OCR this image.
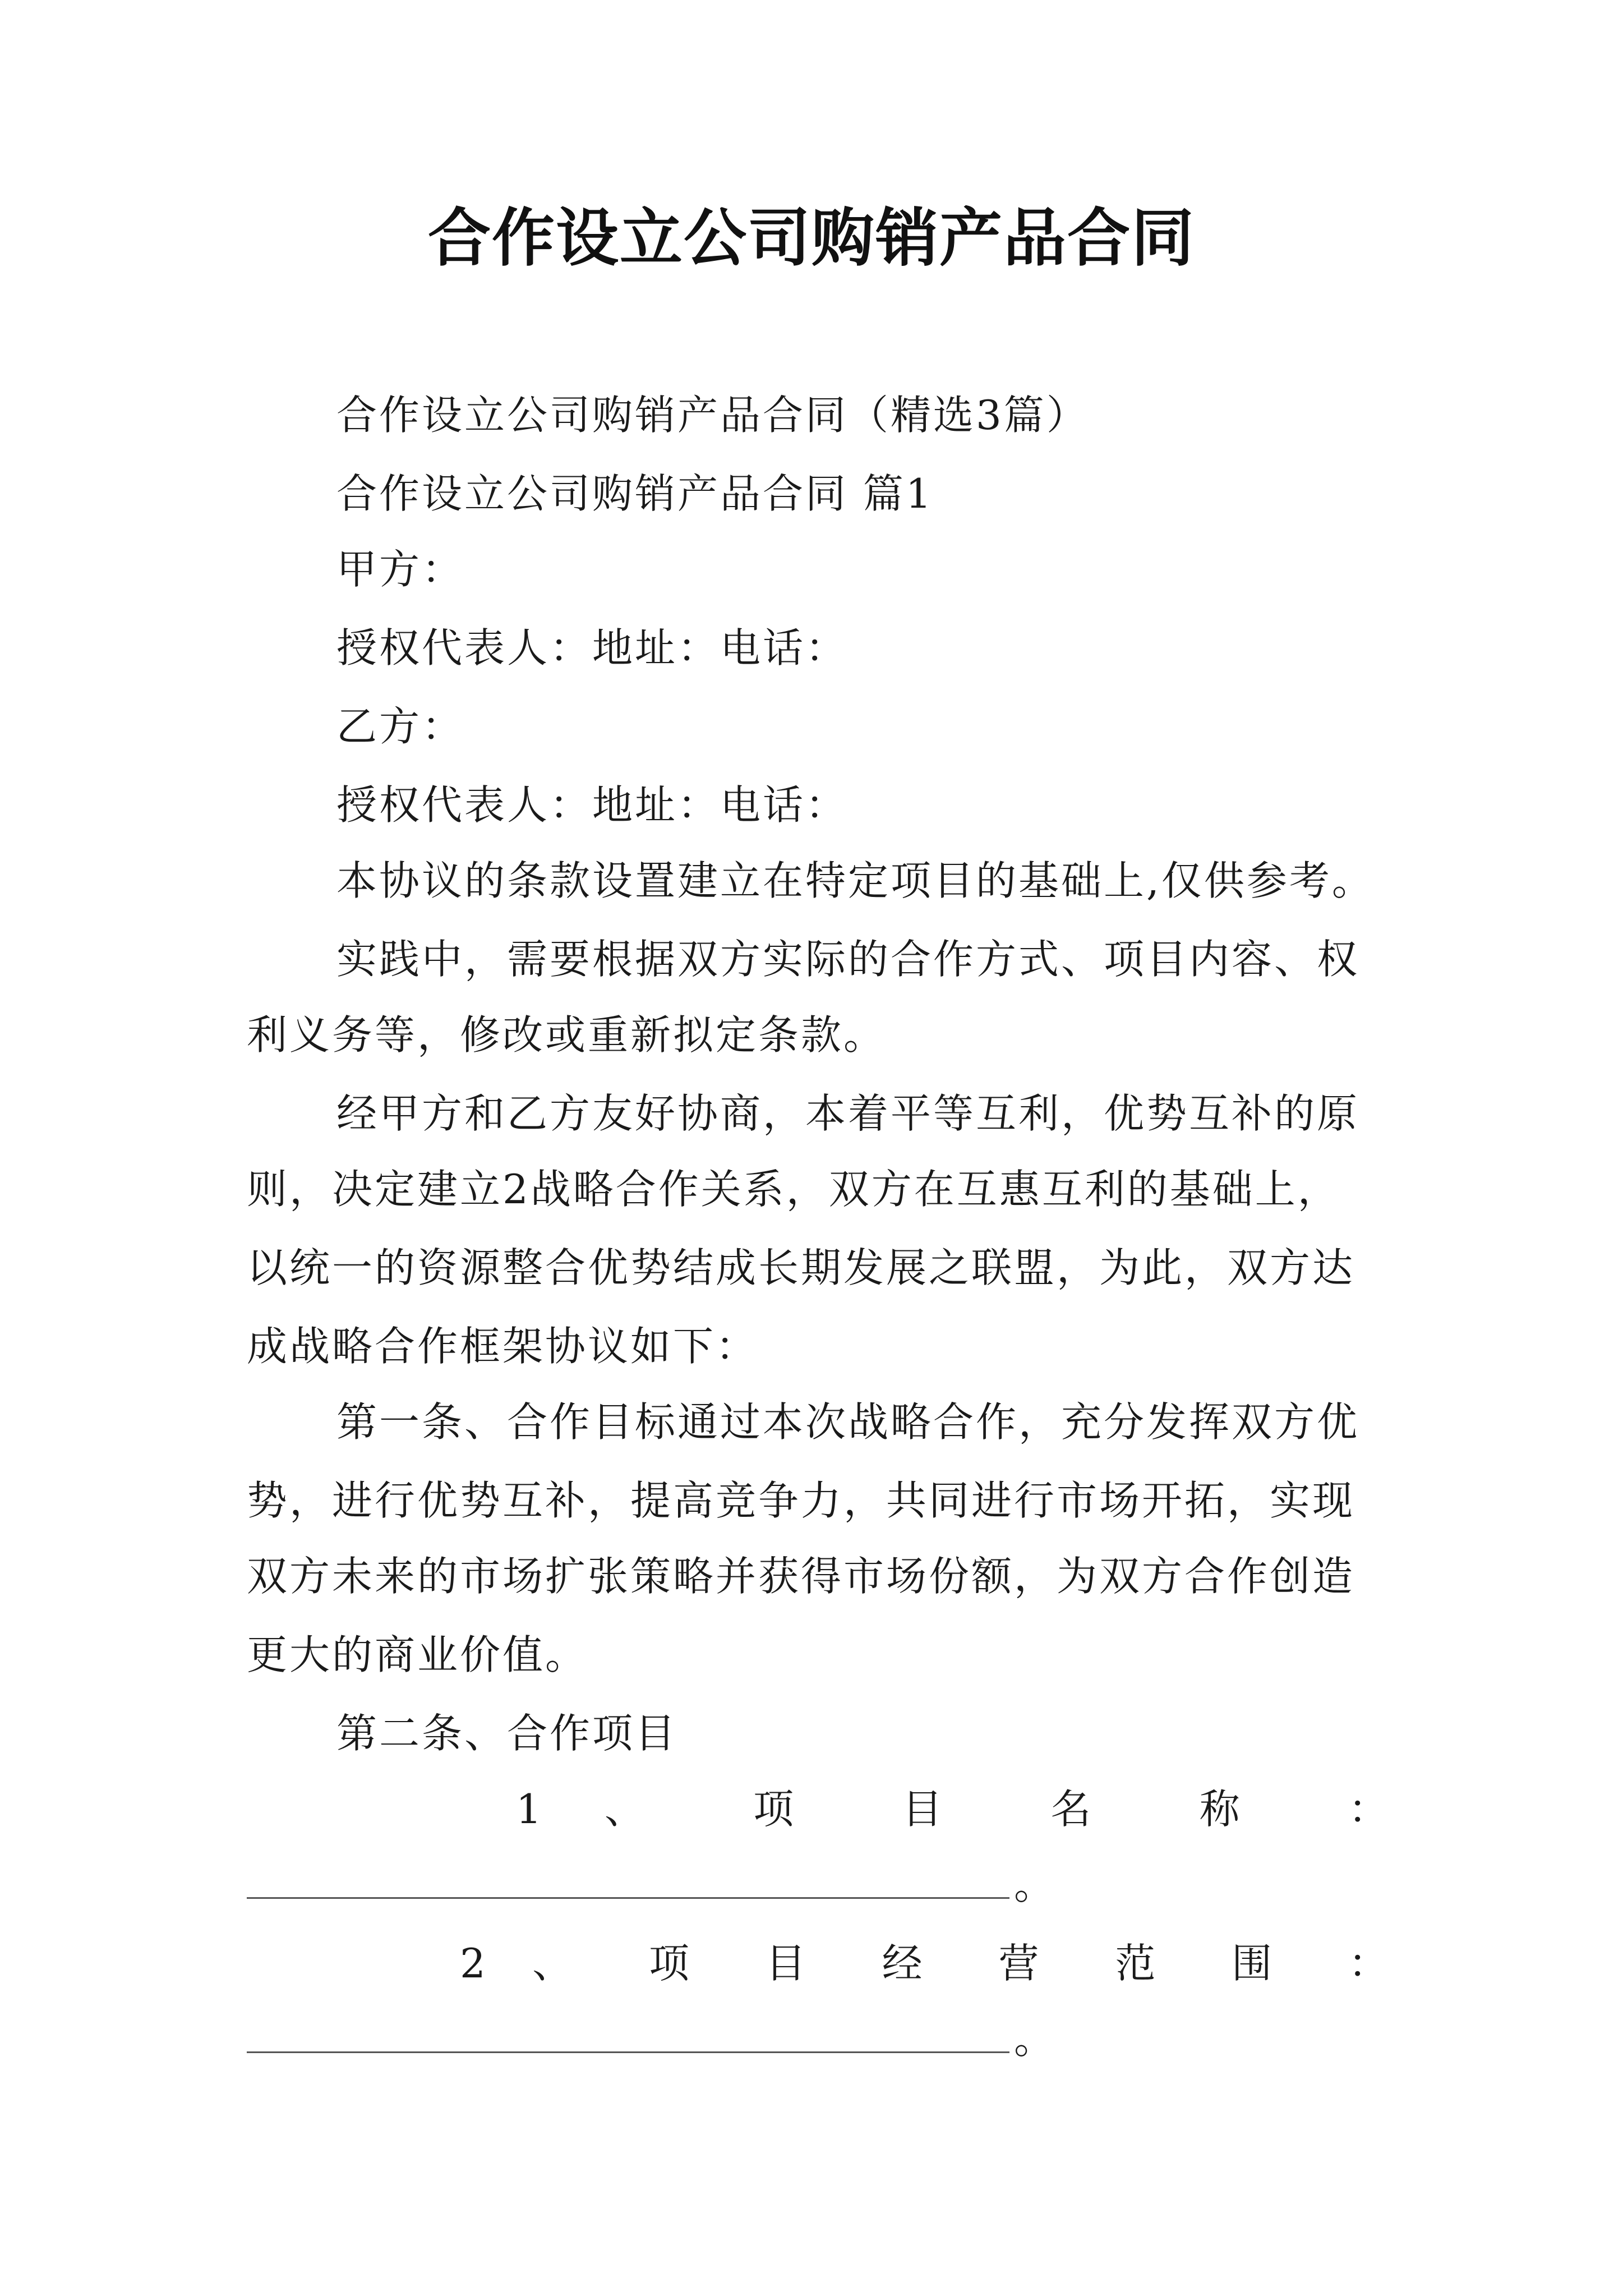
合作设立公司购销产品合同
合作设立公司购销产品合同（精选3篇）
合作设立公司购销产品合同 篇1
甲方：
授权代表人：地址：电话：
乙方：
授权代表人：地址：电话：
本协议的条款设置建立在特定项目的基础上,仅供参考。
实践中，需要根据双方实际的合作方式、项目内容、权
利义务等，修改或重新拟定条款。
经甲方和乙方友好协商，本着平等互利，优势互补的原
则，决定建立2战略合作关系，双方在互惠互利的基础上，
以统一的资源整合优势结成长期发展之联盟，为此，双方达
成战略合作框架协议如下：
第一条、合作目标通过本次战略合作，充分发挥双方优
势，进行优势互补，提高竞争力，共同进行市场开拓，实现
双方未来的市场扩张策略并获得市场份额，为双方合作创造
更大的商业价值。
第二条、合作项目
1 、 项 目 名 称 ：
。
2 、 项 目 经 营 范 围 ：
。
